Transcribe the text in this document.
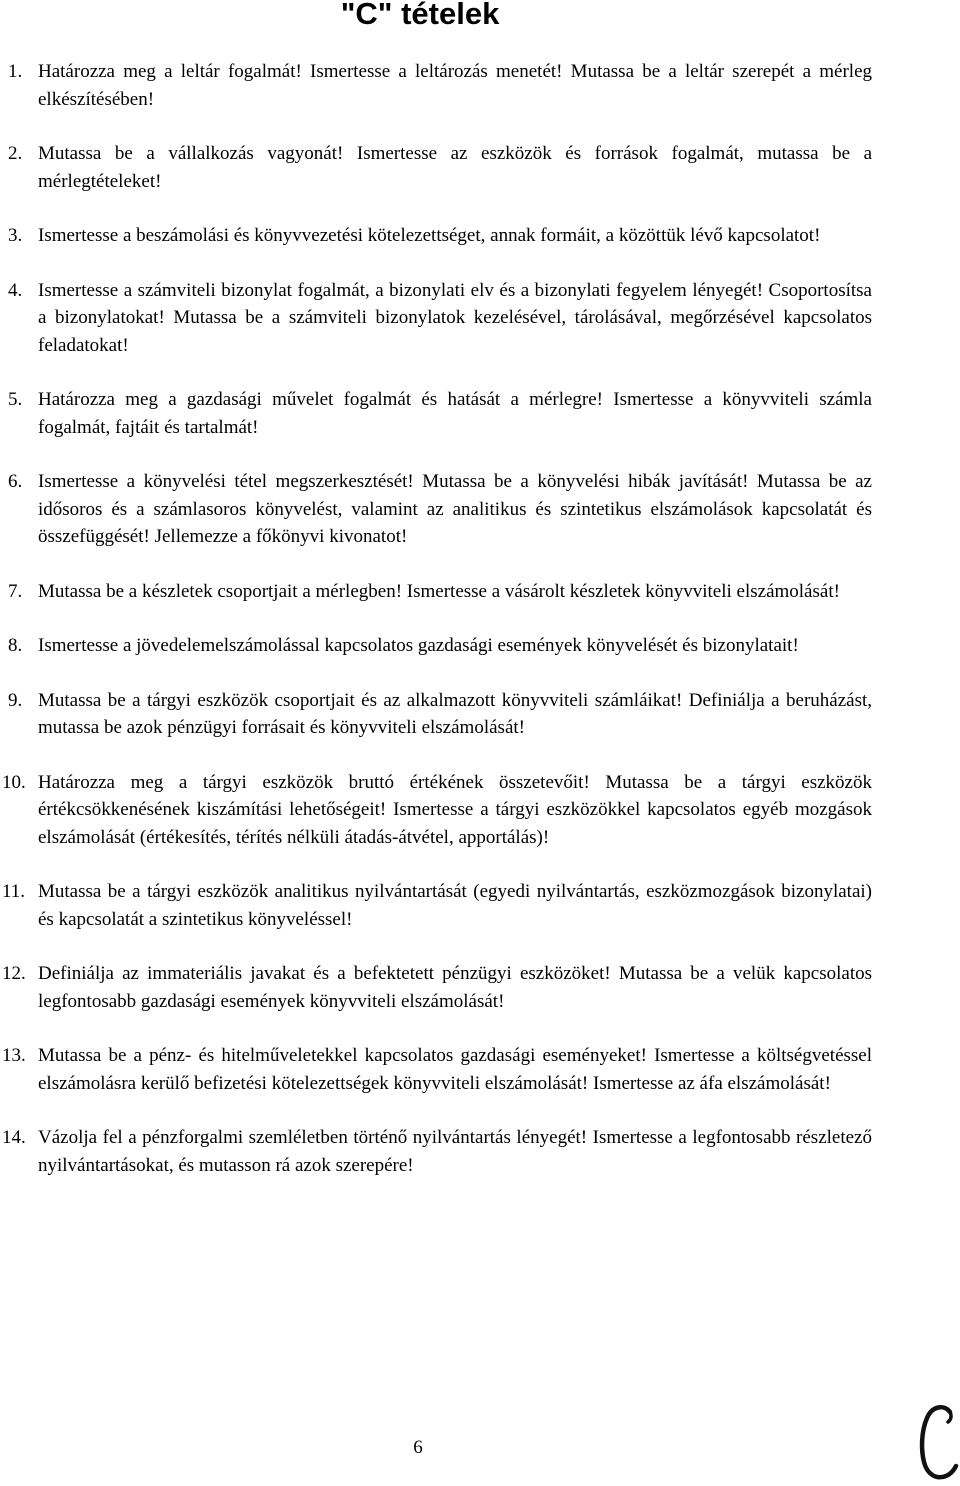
"C" tételek
1. Határozza meg a leltár fogalmát! Ismertesse a leltározás menetét! Mutassa be a leltár szerepét a mérleg elkészítésében!
2. Mutassa be a vállalkozás vagyonát! Ismertesse az eszközök és források fogalmát, mutassa be a mérlegtételeket!
3. Ismertesse a beszámolási és könyvvezetési kötelezettséget, annak formáit, a közöttük lévő kapcsolatot!
4. Ismertesse a számviteli bizonylat fogalmát, a bizonylati elv és a bizonylati fegyelem lényegét! Csoportosítsa a bizonylatokat! Mutassa be a számviteli bizonylatok kezelésével, tárolásával, megőrzésével kapcsolatos feladatokat!
5. Határozza meg a gazdasági művelet fogalmát és hatását a mérlegre! Ismertesse a könyvviteli számla fogalmát, fajtáit és tartalmát!
6. Ismertesse a könyvelési tétel megszerkesztését! Mutassa be a könyvelési hibák javítását! Mutassa be az idősoros és a számlasoros könyvelést, valamint az analitikus és szintetikus elszámolások kapcsolatát és összefüggését! Jellemezze a főkönyvi kivonatot!
7. Mutassa be a készletek csoportjait a mérlegben! Ismertesse a vásárolt készletek könyvviteli elszámolását!
8. Ismertesse a jövedelemelszámolással kapcsolatos gazdasági események könyvelését és bizonylatait!
9. Mutassa be a tárgyi eszközök csoportjait és az alkalmazott könyvviteli számláikat! Definiálja a beruházást, mutassa be azok pénzügyi forrásait és könyvviteli elszámolását!
10. Határozza meg a tárgyi eszközök bruttó értékének összetevőit! Mutassa be a tárgyi eszközök értékcsökkenésének kiszámítási lehetőségeit! Ismertesse a tárgyi eszközökkel kapcsolatos egyéb mozgások elszámolását (értékesítés, térítés nélküli átadás-átvétel, apportálás)!
11. Mutassa be a tárgyi eszközök analitikus nyilvántartását (egyedi nyilvántartás, eszközmozgások bizonylatai) és kapcsolatát a szintetikus könyveléssel!
12. Definiálja az immateriális javakat és a befektetett pénzügyi eszközöket! Mutassa be a velük kapcsolatos legfontosabb gazdasági események könyvviteli elszámolását!
13. Mutassa be a pénz- és hitelműveletekkel kapcsolatos gazdasági eseményeket! Ismertesse a költségvetéssel elszámolásra kerülő befizetési kötelezettségek könyvviteli elszámolását! Ismertesse az áfa elszámolását!
14. Vázolja fel a pénzforgalmi szemléletben történő nyilvántartás lényegét! Ismertesse a legfontosabb részletező nyilvántartásokat, és mutasson rá azok szerepére!
6
